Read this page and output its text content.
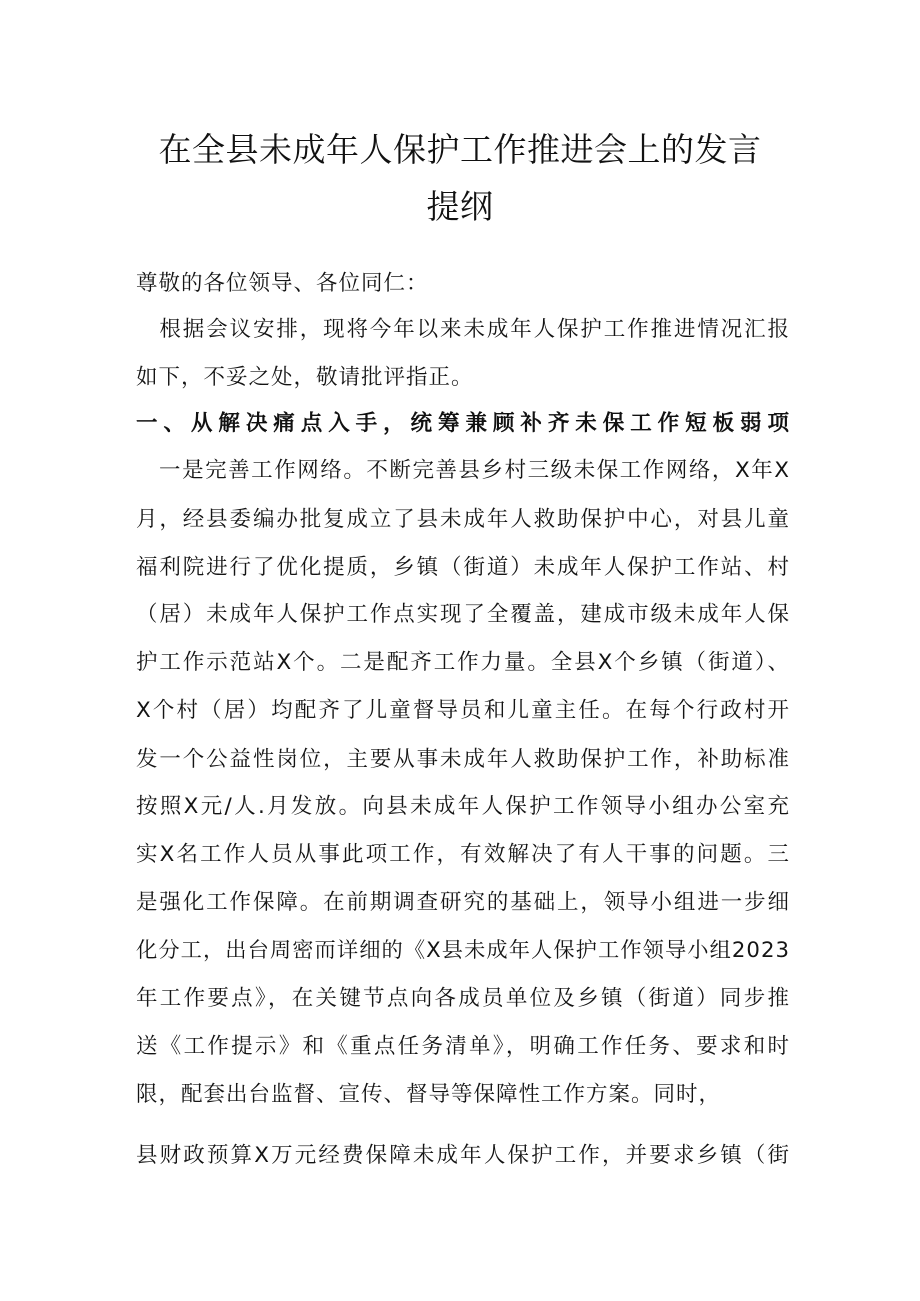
在全县未成年人保护工作推进会上的发言
提纲
尊敬的各位领导、各位同仁：
　根据会议安排，现将今年以来未成年人保护工作推进情况汇报
如下，不妥之处，敬请批评指正。
一、从解决痛点入手，统筹兼顾补齐未保工作短板弱项
　一是完善工作网络。不断完善县乡村三级未保工作网络，X年X
月，经县委编办批复成立了县未成年人救助保护中心，对县儿童
福利院进行了优化提质，乡镇（街道）未成年人保护工作站、村
（居）未成年人保护工作点实现了全覆盖，建成市级未成年人保
护工作示范站X个。二是配齐工作力量。全县X个乡镇（街道）、
X个村（居）均配齐了儿童督导员和儿童主任。在每个行政村开
发一个公益性岗位，主要从事未成年人救助保护工作，补助标准
按照X元/人.月发放。向县未成年人保护工作领导小组办公室充
实X名工作人员从事此项工作，有效解决了有人干事的问题。三
是强化工作保障。在前期调查研究的基础上，领导小组进一步细
化分工，出台周密而详细的《X县未成年人保护工作领导小组2023
年工作要点》，在关键节点向各成员单位及乡镇（街道）同步推
送《工作提示》和《重点任务清单》，明确工作任务、要求和时
限，配套出台监督、宣传、督导等保障性工作方案。同时，
县财政预算X万元经费保障未成年人保护工作，并要求乡镇（街
